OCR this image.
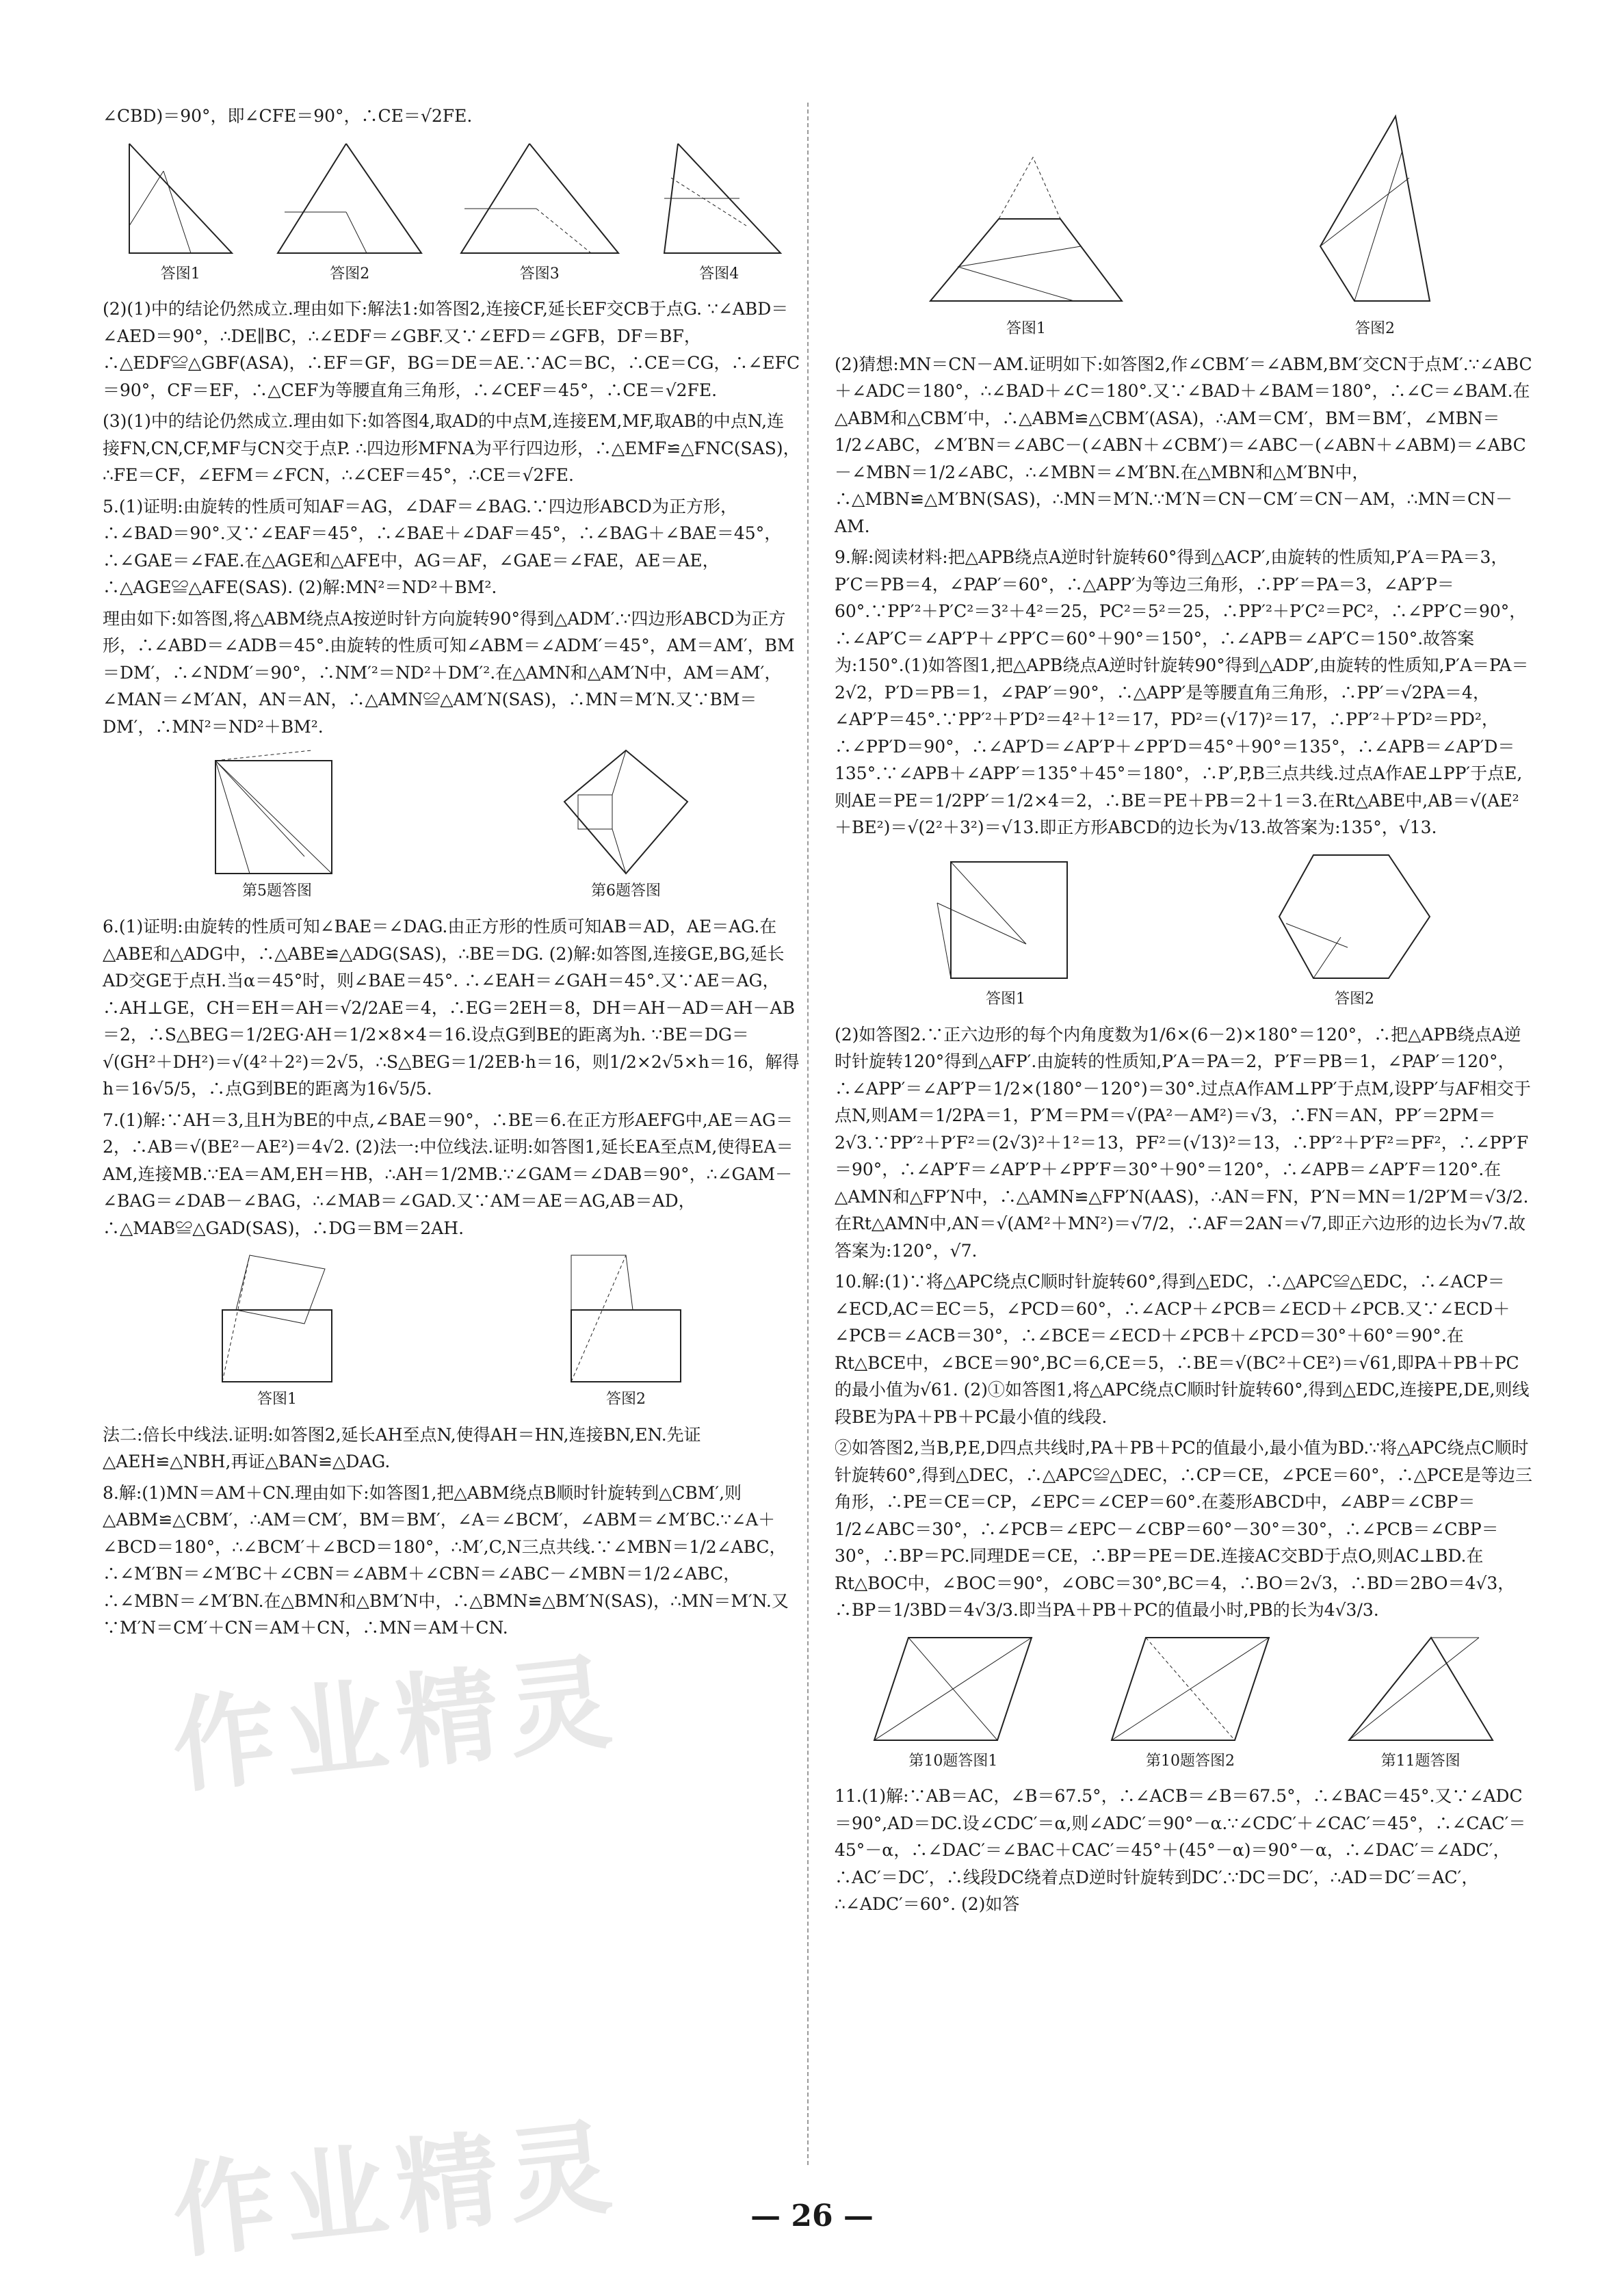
作业精灵
作业精灵

∠CBD)＝90°，即∠CFE＝90°，∴CE＝√2FE.

答图1	答图2	答图3	答图4

(2)(1)中的结论仍然成立.理由如下:解法1:如答图2,连接CF,延长EF交CB于点G. ∵∠ABD＝∠AED＝90°，∴DE∥BC，∴∠EDF＝∠GBF.又∵∠EFD＝∠GFB，DF＝BF，∴△EDF≌△GBF(ASA)，∴EF＝GF，BG＝DE＝AE.∵AC＝BC，∴CE＝CG，∴∠EFC＝90°，CF＝EF，∴△CEF为等腰直角三角形，∴∠CEF＝45°，∴CE＝√2FE.

(3)(1)中的结论仍然成立.理由如下:如答图4,取AD的中点M,连接EM,MF,取AB的中点N,连接FN,CN,CF,MF与CN交于点P. ∴四边形MFNA为平行四边形，∴△EMF≌△FNC(SAS)，∴FE＝CF，∠EFM＝∠FCN，∴∠CEF＝45°，∴CE＝√2FE.

5.(1)证明:由旋转的性质可知AF＝AG，∠DAF＝∠BAG.∵四边形ABCD为正方形，∴∠BAD＝90°.又∵∠EAF＝45°，∴∠BAE＋∠DAF＝45°，∴∠BAG＋∠BAE＝45°，∴∠GAE＝∠FAE.在△AGE和△AFE中，AG＝AF，∠GAE＝∠FAE，AE＝AE，∴△AGE≌△AFE(SAS). (2)解:MN²＝ND²＋BM².

理由如下:如答图,将△ABM绕点A按逆时针方向旋转90°得到△ADM′.∵四边形ABCD为正方形，∴∠ABD＝∠ADB＝45°.由旋转的性质可知∠ABM＝∠ADM′＝45°，AM＝AM′，BM＝DM′，∴∠NDM′＝90°，∴NM′²＝ND²＋DM′².在△AMN和△AM′N中，AM＝AM′，∠MAN＝∠M′AN，AN＝AN，∴△AMN≌△AM′N(SAS)，∴MN＝M′N.又∵BM＝DM′，∴MN²＝ND²＋BM².

第5题答图	第6题答图

6.(1)证明:由旋转的性质可知∠BAE＝∠DAG.由正方形的性质可知AB＝AD，AE＝AG.在△ABE和△ADG中，∴△ABE≌△ADG(SAS)，∴BE＝DG. (2)解:如答图,连接GE,BG,延长AD交GE于点H.当α＝45°时，则∠BAE＝45°. ∴∠EAH＝∠GAH＝45°.又∵AE＝AG，∴AH⊥GE，CH＝EH＝AH＝√2/2AE＝4，∴EG＝2EH＝8，DH＝AH－AD＝AH－AB＝2，∴S△BEG＝1/2EG·AH＝1/2×8×4＝16.设点G到BE的距离为h. ∵BE＝DG＝√(GH²＋DH²)＝√(4²＋2²)＝2√5，∴S△BEG＝1/2EB·h＝16，则1/2×2√5×h＝16，解得h＝16√5/5，∴点G到BE的距离为16√5/5.

7.(1)解:∵AH＝3,且H为BE的中点,∠BAE＝90°，∴BE＝6.在正方形AEFG中,AE＝AG＝2，∴AB＝√(BE²－AE²)＝4√2. (2)法一:中位线法.证明:如答图1,延长EA至点M,使得EA＝AM,连接MB.∵EA＝AM,EH＝HB，∴AH＝1/2MB.∵∠GAM＝∠DAB＝90°，∴∠GAM－∠BAG＝∠DAB－∠BAG，∴∠MAB＝∠GAD.又∵AM＝AE＝AG,AB＝AD，∴△MAB≌△GAD(SAS)，∴DG＝BM＝2AH.

答图1	答图2

法二:倍长中线法.证明:如答图2,延长AH至点N,使得AH＝HN,连接BN,EN.先证△AEH≌△NBH,再证△BAN≌△DAG.

8.解:(1)MN＝AM＋CN.理由如下:如答图1,把△ABM绕点B顺时针旋转到△CBM′,则△ABM≌△CBM′，∴AM＝CM′，BM＝BM′，∠A＝∠BCM′，∠ABM＝∠M′BC.∵∠A＋∠BCD＝180°，∴∠BCM′＋∠BCD＝180°，∴M′,C,N三点共线.∵∠MBN＝1/2∠ABC，∴∠M′BN＝∠M′BC＋∠CBN＝∠ABM＋∠CBN＝∠ABC－∠MBN＝1/2∠ABC，∴∠MBN＝∠M′BN.在△BMN和△BM′N中，∴△BMN≌△BM′N(SAS)，∴MN＝M′N.又∵M′N＝CM′＋CN＝AM＋CN，∴MN＝AM＋CN.

答图1	答图2

(2)猜想:MN＝CN－AM.证明如下:如答图2,作∠CBM′＝∠ABM,BM′交CN于点M′.∵∠ABC＋∠ADC＝180°，∴∠BAD＋∠C＝180°.又∵∠BAD＋∠BAM＝180°，∴∠C＝∠BAM.在△ABM和△CBM′中，∴△ABM≌△CBM′(ASA)，∴AM＝CM′，BM＝BM′，∠MBN＝1/2∠ABC，∠M′BN＝∠ABC－(∠ABN＋∠CBM′)＝∠ABC－(∠ABN＋∠ABM)＝∠ABC－∠MBN＝1/2∠ABC，∴∠MBN＝∠M′BN.在△MBN和△M′BN中，∴△MBN≌△M′BN(SAS)，∴MN＝M′N.∵M′N＝CN－CM′＝CN－AM，∴MN＝CN－AM.

9.解:阅读材料:把△APB绕点A逆时针旋转60°得到△ACP′,由旋转的性质知,P′A＝PA＝3，P′C＝PB＝4，∠PAP′＝60°，∴△APP′为等边三角形，∴PP′＝PA＝3，∠AP′P＝60°.∵PP′²＋P′C²＝3²＋4²＝25，PC²＝5²＝25，∴PP′²＋P′C²＝PC²，∴∠PP′C＝90°，∴∠AP′C＝∠AP′P＋∠PP′C＝60°＋90°＝150°，∴∠APB＝∠AP′C＝150°.故答案为:150°.(1)如答图1,把△APB绕点A逆时针旋转90°得到△ADP′,由旋转的性质知,P′A＝PA＝2√2，P′D＝PB＝1，∠PAP′＝90°，∴△APP′是等腰直角三角形，∴PP′＝√2PA＝4，∠AP′P＝45°.∵PP′²＋P′D²＝4²＋1²＝17，PD²＝(√17)²＝17，∴PP′²＋P′D²＝PD²，∴∠PP′D＝90°，∴∠AP′D＝∠AP′P＋∠PP′D＝45°＋90°＝135°，∴∠APB＝∠AP′D＝135°.∵∠APB＋∠APP′＝135°＋45°＝180°，∴P′,P,B三点共线.过点A作AE⊥PP′于点E,则AE＝PE＝1/2PP′＝1/2×4＝2，∴BE＝PE＋PB＝2＋1＝3.在Rt△ABE中,AB＝√(AE²＋BE²)＝√(2²＋3²)＝√13.即正方形ABCD的边长为√13.故答案为:135°，√13.

答图1	答图2

(2)如答图2.∵正六边形的每个内角度数为1/6×(6－2)×180°＝120°，∴把△APB绕点A逆时针旋转120°得到△AFP′.由旋转的性质知,P′A＝PA＝2，P′F＝PB＝1，∠PAP′＝120°，∴∠APP′＝∠AP′P＝1/2×(180°－120°)＝30°.过点A作AM⊥PP′于点M,设PP′与AF相交于点N,则AM＝1/2PA＝1，P′M＝PM＝√(PA²－AM²)＝√3，∴FN＝AN，PP′＝2PM＝2√3.∵PP′²＋P′F²＝(2√3)²＋1²＝13，PF²＝(√13)²＝13，∴PP′²＋P′F²＝PF²，∴∠PP′F＝90°，∴∠AP′F＝∠AP′P＋∠PP′F＝30°＋90°＝120°，∴∠APB＝∠AP′F＝120°.在△AMN和△FP′N中，∴△AMN≌△FP′N(AAS)，∴AN＝FN，P′N＝MN＝1/2P′M＝√3/2.在Rt△AMN中,AN＝√(AM²＋MN²)＝√7/2，∴AF＝2AN＝√7,即正六边形的边长为√7.故答案为:120°，√7.

10.解:(1)∵将△APC绕点C顺时针旋转60°,得到△EDC，∴△APC≌△EDC，∴∠ACP＝∠ECD,AC＝EC＝5，∠PCD＝60°，∴∠ACP＋∠PCB＝∠ECD＋∠PCB.又∵∠ECD＋∠PCB＝∠ACB＝30°，∴∠BCE＝∠ECD＋∠PCB＋∠PCD＝30°＋60°＝90°.在Rt△BCE中，∠BCE＝90°,BC＝6,CE＝5，∴BE＝√(BC²＋CE²)＝√61,即PA＋PB＋PC的最小值为√61. (2)①如答图1,将△APC绕点C顺时针旋转60°,得到△EDC,连接PE,DE,则线段BE为PA＋PB＋PC最小值的线段.

②如答图2,当B,P,E,D四点共线时,PA＋PB＋PC的值最小,最小值为BD.∵将△APC绕点C顺时针旋转60°,得到△DEC，∴△APC≌△DEC，∴CP＝CE，∠PCE＝60°，∴△PCE是等边三角形，∴PE＝CE＝CP，∠EPC＝∠CEP＝60°.在菱形ABCD中，∠ABP＝∠CBP＝1/2∠ABC＝30°，∴∠PCB＝∠EPC－∠CBP＝60°－30°＝30°，∴∠PCB＝∠CBP＝30°，∴BP＝PC.同理DE＝CE，∴BP＝PE＝DE.连接AC交BD于点O,则AC⊥BD.在Rt△BOC中，∠BOC＝90°，∠OBC＝30°,BC＝4，∴BO＝2√3，∴BD＝2BO＝4√3，∴BP＝1/3BD＝4√3/3.即当PA＋PB＋PC的值最小时,PB的长为4√3/3.

第10题答图1	第10题答图2	第11题答图

11.(1)解:∵AB＝AC，∠B＝67.5°，∴∠ACB＝∠B＝67.5°，∴∠BAC＝45°.又∵∠ADC＝90°,AD＝DC.设∠CDC′＝α,则∠ADC′＝90°－α.∵∠CDC′＋∠CAC′＝45°，∴∠CAC′＝45°－α，∴∠DAC′＝∠BAC＋CAC′＝45°＋(45°－α)＝90°－α，∴∠DAC′＝∠ADC′，∴AC′＝DC′，∴线段DC绕着点D逆时针旋转到DC′.∵DC＝DC′，∴AD＝DC′＝AC′，∴∠ADC′＝60°. (2)如答

— 26 —
